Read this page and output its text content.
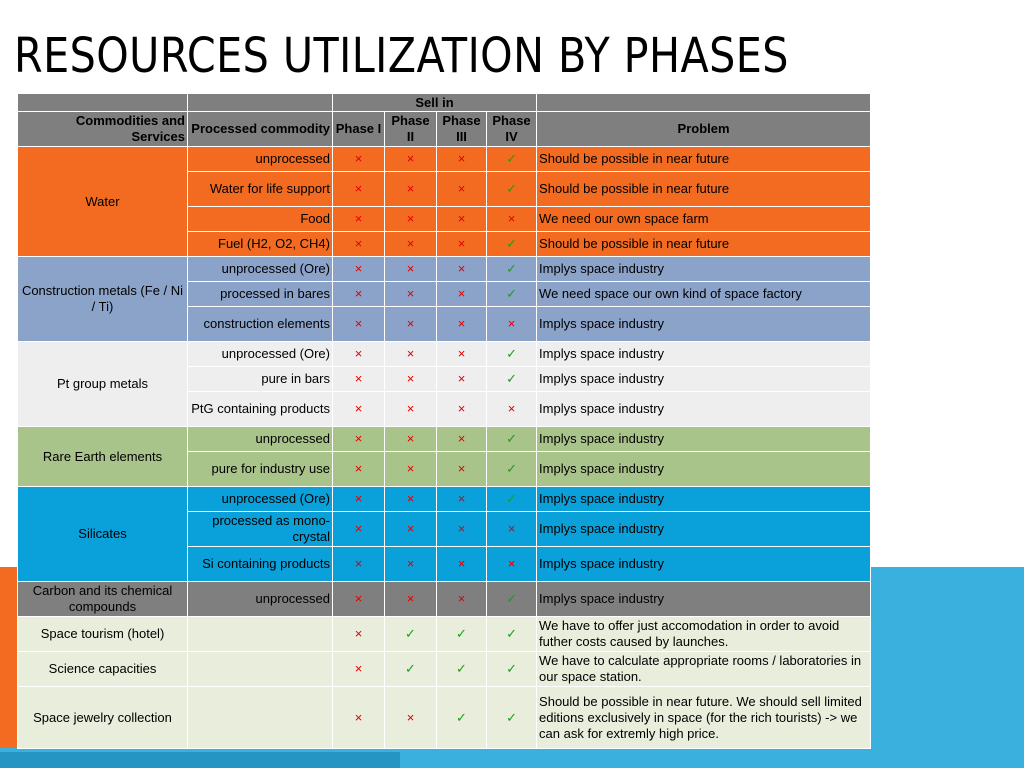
RESOURCES UTILIZATION BY PHASES
		Sell in				
Commodities and Services	Processed commodity	Phase I	Phase II	Phase III	Phase IV	Problem
Water	unprocessed	×	×	×	✓	Should be possible in near future
	Water for life support	×	×	×	✓	Should be possible in near future
	Food	×	×	×	×	We need our own space farm
	Fuel (H2, O2, CH4)	×	×	×	✓	Should be possible in near future
Construction metals (Fe / Ni / Ti)	unprocessed (Ore)	×	×	×	✓	Implys space industry
	processed in bares	×	×	×	✓	We need space our own kind of space factory
	construction elements	×	×	×	×	Implys space industry
Pt group metals	unprocessed (Ore)	×	×	×	✓	Implys space industry
	pure in bars	×	×	×	✓	Implys space industry
	PtG containing products	×	×	×	×	Implys space industry
Rare Earth elements	unprocessed	×	×	×	✓	Implys space industry
	pure for industry use	×	×	×	✓	Implys space industry
Silicates	unprocessed (Ore)	×	×	×	✓	Implys space industry
	processed as mono-crystal	×	×	×	×	Implys space industry
	Si containing products	×	×	×	×	Implys space industry
Carbon and its chemical compounds	unprocessed	×	×	×	✓	Implys space industry
Space tourism (hotel)		×	✓	✓	✓	We have to offer just accomodation in order to avoid futher costs caused by launches.
Science capacities		×	✓	✓	✓	We have to calculate appropriate rooms / laboratories in our space station.
Space jewelry collection		×	×	✓	✓	Should be possible in near future. We should sell limited editions exclusively in space (for the rich tourists) -> we can ask for extremly high price.
